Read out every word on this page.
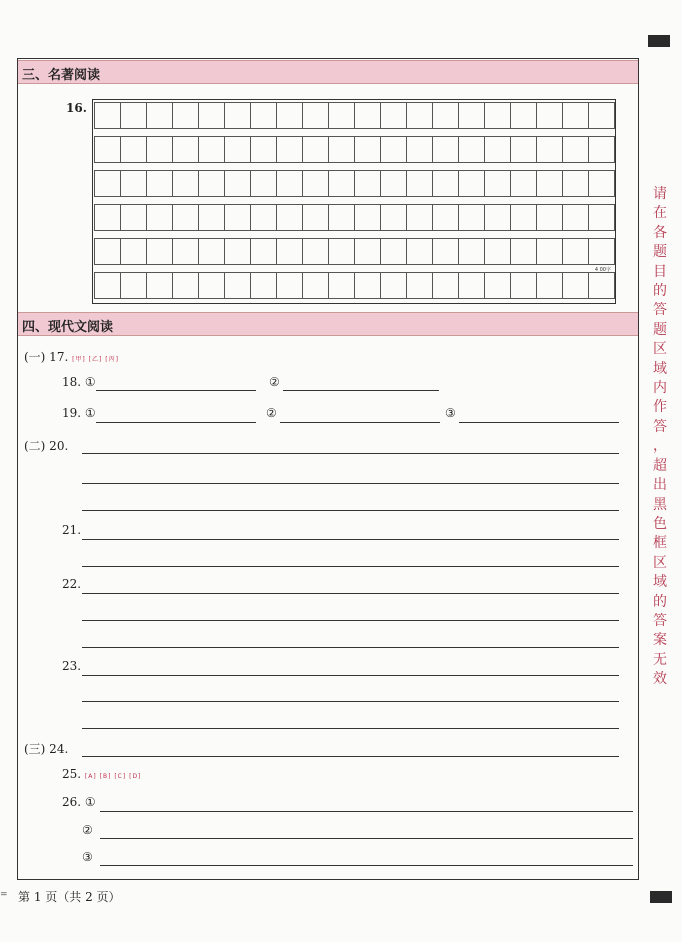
三、名著阅读
16.
4 00字
四、现代文阅读
(一) 17. [甲] [乙] [丙]
18. ①	②
19. ①	②	③
(二) 20.
21.
22.
23.
(三) 24.
25. [A] [B] [C] [D]
26. ①
②
③
请
在
各
题
目
的
答
题
区
域
内
作
答
，
超
出
黑
色
框
区
域
的
答
案
无
效
= 第 1 页（共 2 页）
